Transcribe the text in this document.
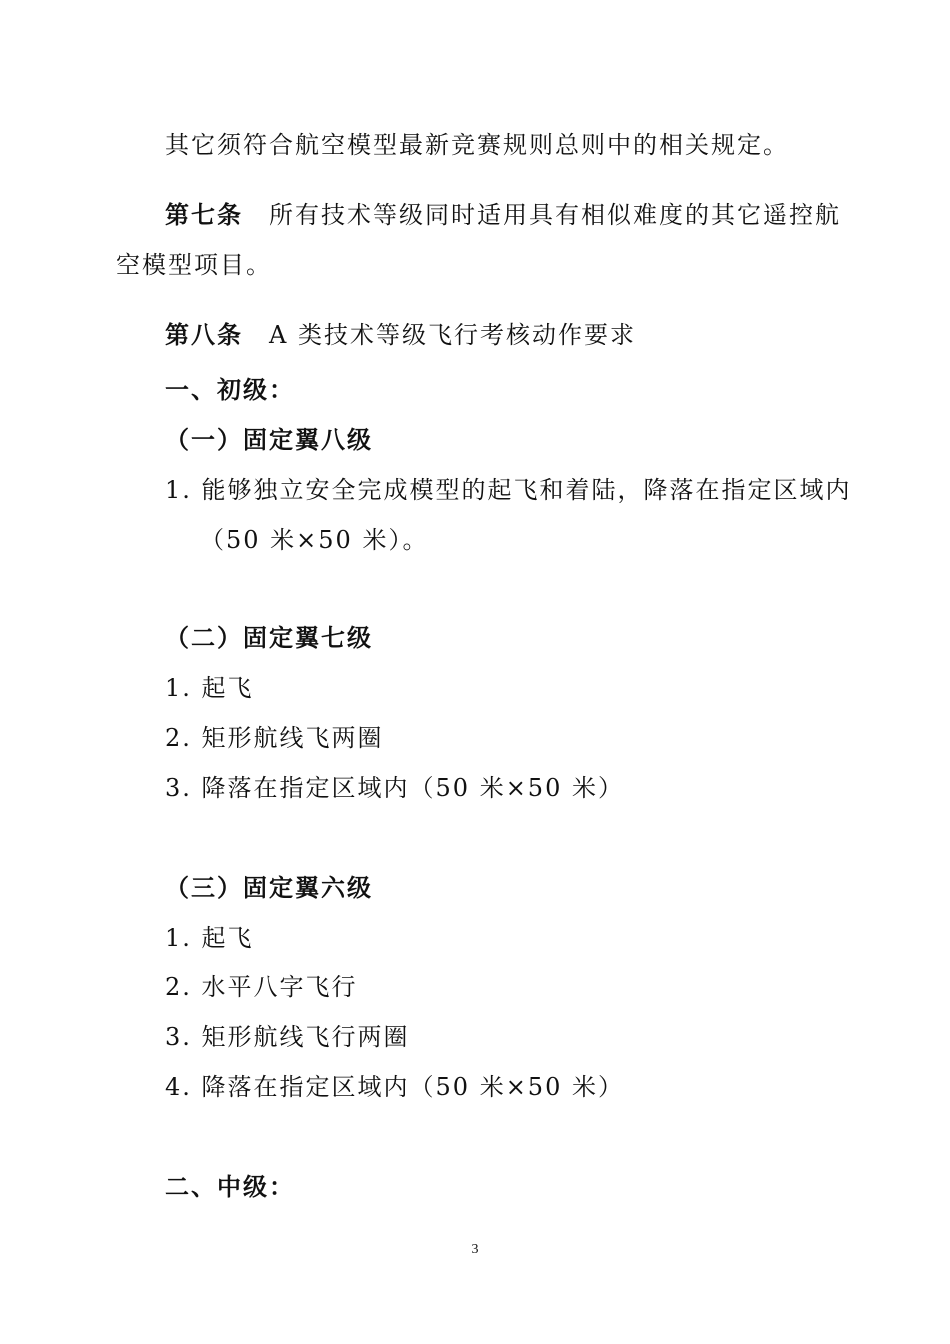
其它须符合航空模型最新竞赛规则总则中的相关规定。
第七条 所有技术等级同时适用具有相似难度的其它遥控航
空模型项目。
第八条 A 类技术等级飞行考核动作要求
一、初级：
（一）固定翼八级
1. 能够独立安全完成模型的起飞和着陆，降落在指定区域内
（50 米×50 米）。
（二）固定翼七级
1. 起飞
2. 矩形航线飞两圈
3. 降落在指定区域内（50 米×50 米）
（三）固定翼六级
1. 起飞
2. 水平八字飞行
3. 矩形航线飞行两圈
4. 降落在指定区域内（50 米×50 米）
二、中级：
3
